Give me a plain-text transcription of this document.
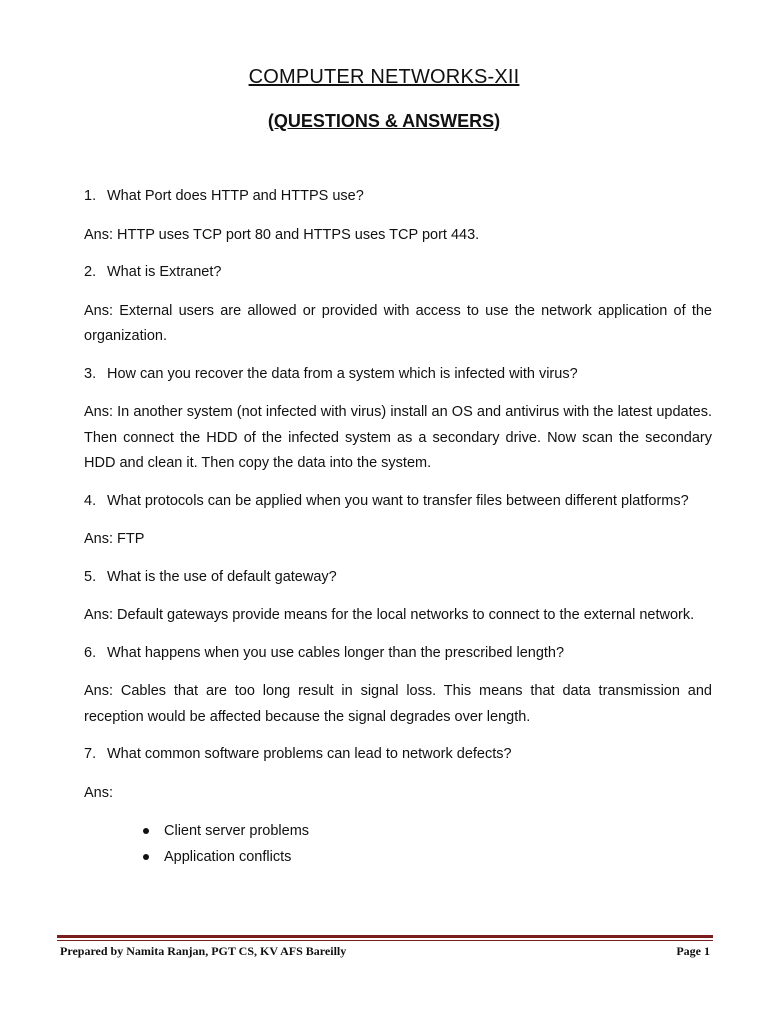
COMPUTER NETWORKS-XII
(QUESTIONS & ANSWERS)
1. What Port does HTTP and HTTPS use?
Ans: HTTP uses TCP port 80 and HTTPS uses TCP port 443.
2. What is Extranet?
Ans: External users are allowed or provided with access to use the network application of the organization.
3. How can you recover the data from a system which is infected with virus?
Ans: In another system (not infected with virus) install an OS and antivirus with the latest updates. Then connect the HDD of the infected system as a secondary drive. Now scan the secondary HDD and clean it. Then copy the data into the system.
4. What protocols can be applied when you want to transfer files between different platforms?
Ans: FTP
5. What is the use of default gateway?
Ans: Default gateways provide means for the local networks to connect to the external network.
6. What happens when you use cables longer than the prescribed length?
Ans: Cables that are too long result in signal loss. This means that data transmission and reception would be affected because the signal degrades over length.
7. What common software problems can lead to network defects?
Ans:
Client server problems
Application conflicts
Prepared by Namita Ranjan, PGT CS, KV AFS Bareilly	Page 1
